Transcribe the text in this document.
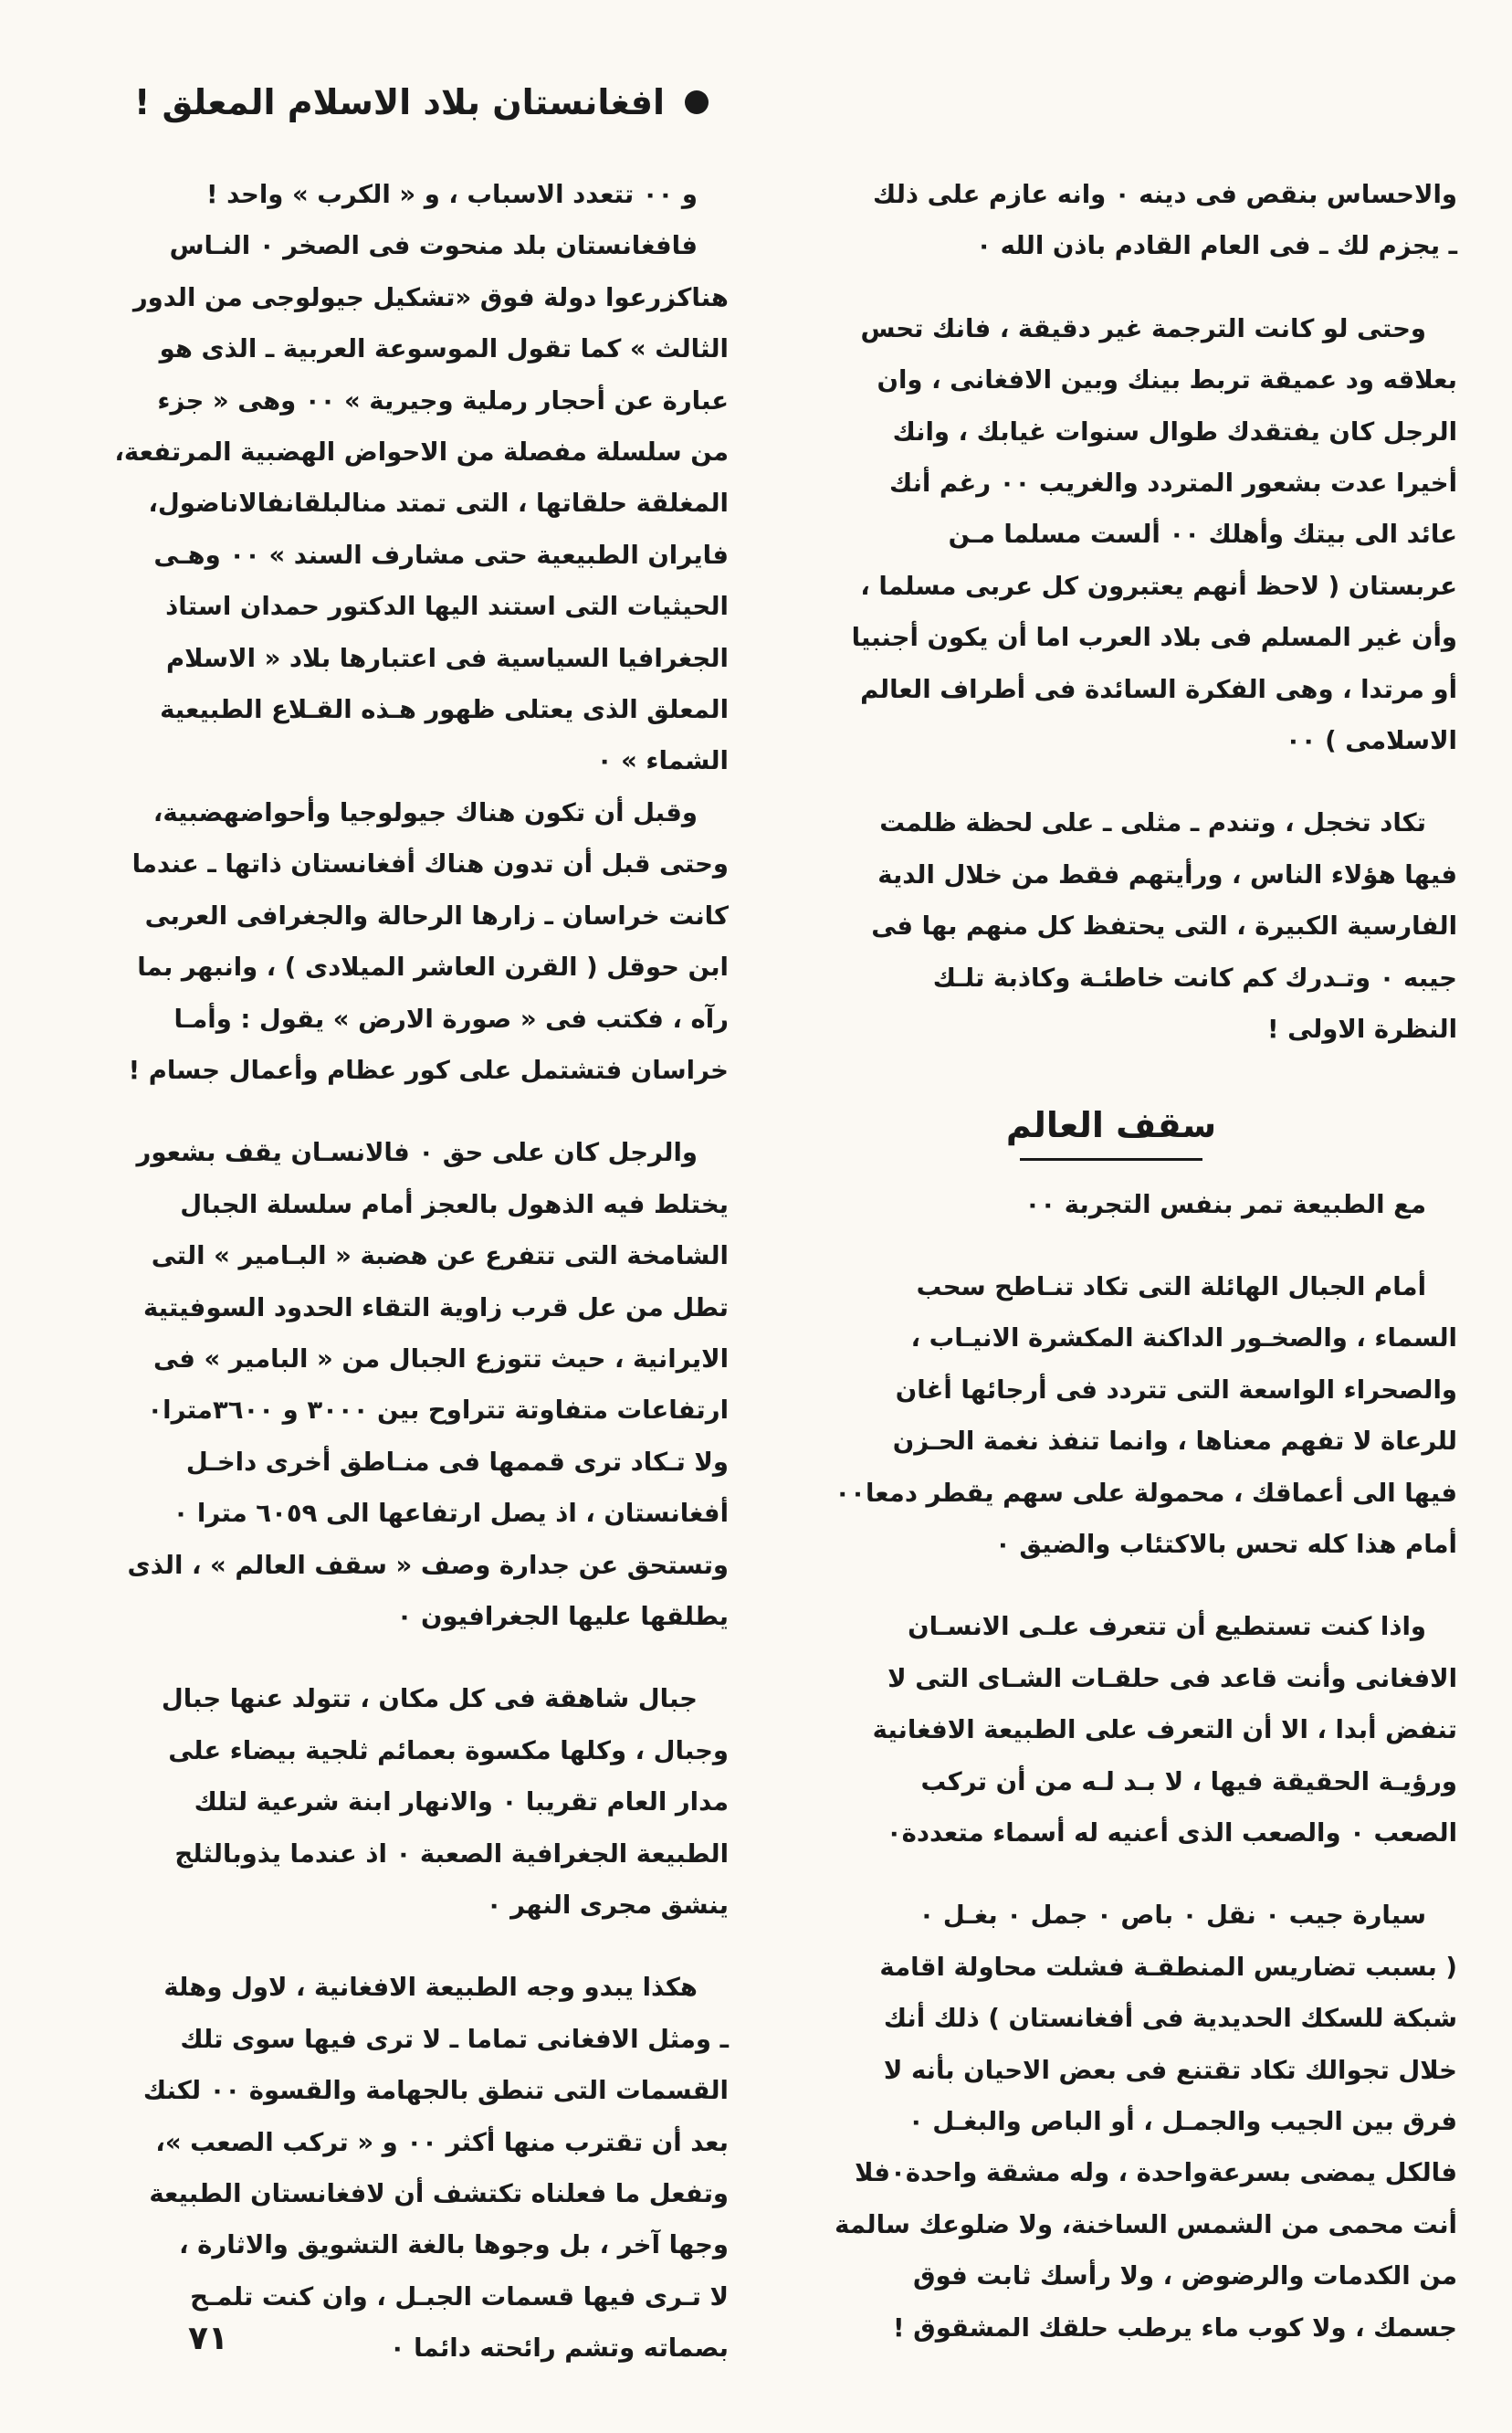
افغانستان بلاد الاسلام المعلق !

والاحساس بنقص فى دينه ٠ وانه عازم على ذلك
ـ يجزم لك ـ فى العام القادم باذن الله ٠

وحتى لو كانت الترجمة غير دقيقة ، فانك تحس
بعلاقه ود عميقة تربط بينك وبين الافغانى ، وان
الرجل كان يفتقدك طوال سنوات غيابك ، وانك
أخيرا عدت بشعور المتردد والغريب ٠٠ رغم أنك
عائد الى بيتك وأهلك ٠٠ ألست مسلما مـن
عربستان ( لاحظ أنهم يعتبرون كل عربى مسلما ،
وأن غير المسلم فى بلاد العرب اما أن يكون أجنبيا
أو مرتدا ، وهى الفكرة السائدة فى أطراف العالم
الاسلامى ) ٠٠

تكاد تخجل ، وتندم ـ مثلى ـ على لحظة ظلمت
فيها هؤلاء الناس ، ورأيتهم فقط من خلال الدية
الفارسية الكبيرة ، التى يحتفظ كل منهم بها فى
جيبه ٠ وتـدرك كم كانت خاطئـة وكاذبة تلـك
النظرة الاولى !

سقف العالم

مع الطبيعة تمر بنفس التجربة ٠٠

أمام الجبال الهائلة التى تكاد تنـاطح سحب
السماء ، والصخـور الداكنة المكشرة الانيـاب ،
والصحراء الواسعة التى تتردد فى أرجائها أغان
للرعاة لا تفهم معناها ، وانما تنفذ نغمة الحـزن
فيها الى أعماقك ، محمولة على سهم يقطر دمعا٠٠
أمام هذا كله تحس بالاكتئاب والضيق ٠

واذا كنت تستطيع أن تتعرف علـى الانسـان
الافغانى وأنت قاعد فى حلقـات الشـاى التى لا
تنفض أبدا ، الا أن التعرف على الطبيعة الافغانية
ورؤيـة الحقيقة فيها ، لا بـد لـه من أن تركب
الصعب ٠ والصعب الذى أعنيه له أسماء متعددة٠

سيارة جيب ٠ نقل ٠ باص ٠ جمل ٠ بغـل ٠
( بسبب تضاريس المنطقـة فشلت محاولة اقامة
شبكة للسكك الحديدية فى أفغانستان ) ذلك أنك
خلال تجوالك تكاد تقتنع فى بعض الاحيان بأنه لا
فرق بين الجيب والجمـل ، أو الباص والبغـل ٠
فالكل يمضى بسرعةواحدة ، وله مشقة واحدة٠فلا
أنت محمى من الشمس الساخنة، ولا ضلوعك سالمة
من الكدمات والرضوض ، ولا رأسك ثابت فوق
جسمك ، ولا كوب ماء يرطب حلقك المشقوق !

و ٠٠ تتعدد الاسباب ، و « الكرب » واحد !

فافغانستان بلد منحوت فى الصخر ٠ النـاس
هناكزرعوا دولة فوق «تشكيل جيولوجى من الدور
الثالث » كما تقول الموسوعة العربية ـ الذى هو
عبارة عن أحجار رملية وجيرية » ٠٠ وهى « جزء
من سلسلة مفصلة من الاحواض الهضبية المرتفعة،
المغلقة حلقاتها ، التى تمتد منالبلقانفالاناضول،
فايران الطبيعية حتى مشارف السند » ٠٠ وهـى
الحيثيات التى استند اليها الدكتور حمدان استاذ
الجغرافيا السياسية فى اعتبارها بلاد « الاسلام
المعلق الذى يعتلى ظهور هـذه القـلاع الطبيعية
الشماء » ٠

وقبل أن تكون هناك جيولوجيا وأحواضهضبية،
وحتى قبل أن تدون هناك أفغانستان ذاتها ـ عندما
كانت خراسان ـ زارها الرحالة والجغرافى العربى
ابن حوقل ( القرن العاشر الميلادى ) ، وانبهر بما
رآه ، فكتب فى « صورة الارض » يقول : وأمـا
خراسان فتشتمل على كور عظام وأعمال جسام !

والرجل كان على حق ٠ فالانسـان يقف بشعور
يختلط فيه الذهول بالعجز أمام سلسلة الجبال
الشامخة التى تتفرع عن هضبة « البـامير » التى
تطل من عل قرب زاوية التقاء الحدود السوفيتية
الايرانية ، حيث تتوزع الجبال من « البامير » فى
ارتفاعات متفاوتة تتراوح بين ٣٠٠٠ و ٣٦٠٠مترا٠
ولا تـكاد ترى قممها فى منـاطق أخرى داخـل
أفغانستان ، اذ يصل ارتفاعها الى ٦٠٥٩ مترا ٠
وتستحق عن جدارة وصف « سقف العالم » ، الذى
يطلقها عليها الجغرافيون ٠

جبال شاهقة فى كل مكان ، تتولد عنها جبال
وجبال ، وكلها مكسوة بعمائم ثلجية بيضاء على
مدار العام تقريبا ٠ والانهار ابنة شرعية لتلك
الطبيعة الجغرافية الصعبة ٠ اذ عندما يذوبالثلج
ينشق مجرى النهر ٠

هكذا يبدو وجه الطبيعة الافغانية ، لاول وهلة
ـ ومثل الافغانى تماما ـ لا ترى فيها سوى تلك
القسمات التى تنطق بالجهامة والقسوة ٠٠ لكنك
بعد أن تقترب منها أكثر ٠٠ و « تركب الصعب »،
وتفعل ما فعلناه تكتشف أن لافغانستان الطبيعة
وجها آخر ، بل وجوها بالغة التشويق والاثارة ،
لا تـرى فيها قسمات الجبـل ، وان كنت تلمـح
بصماته وتشم رائحته دائما ٠

٧١
